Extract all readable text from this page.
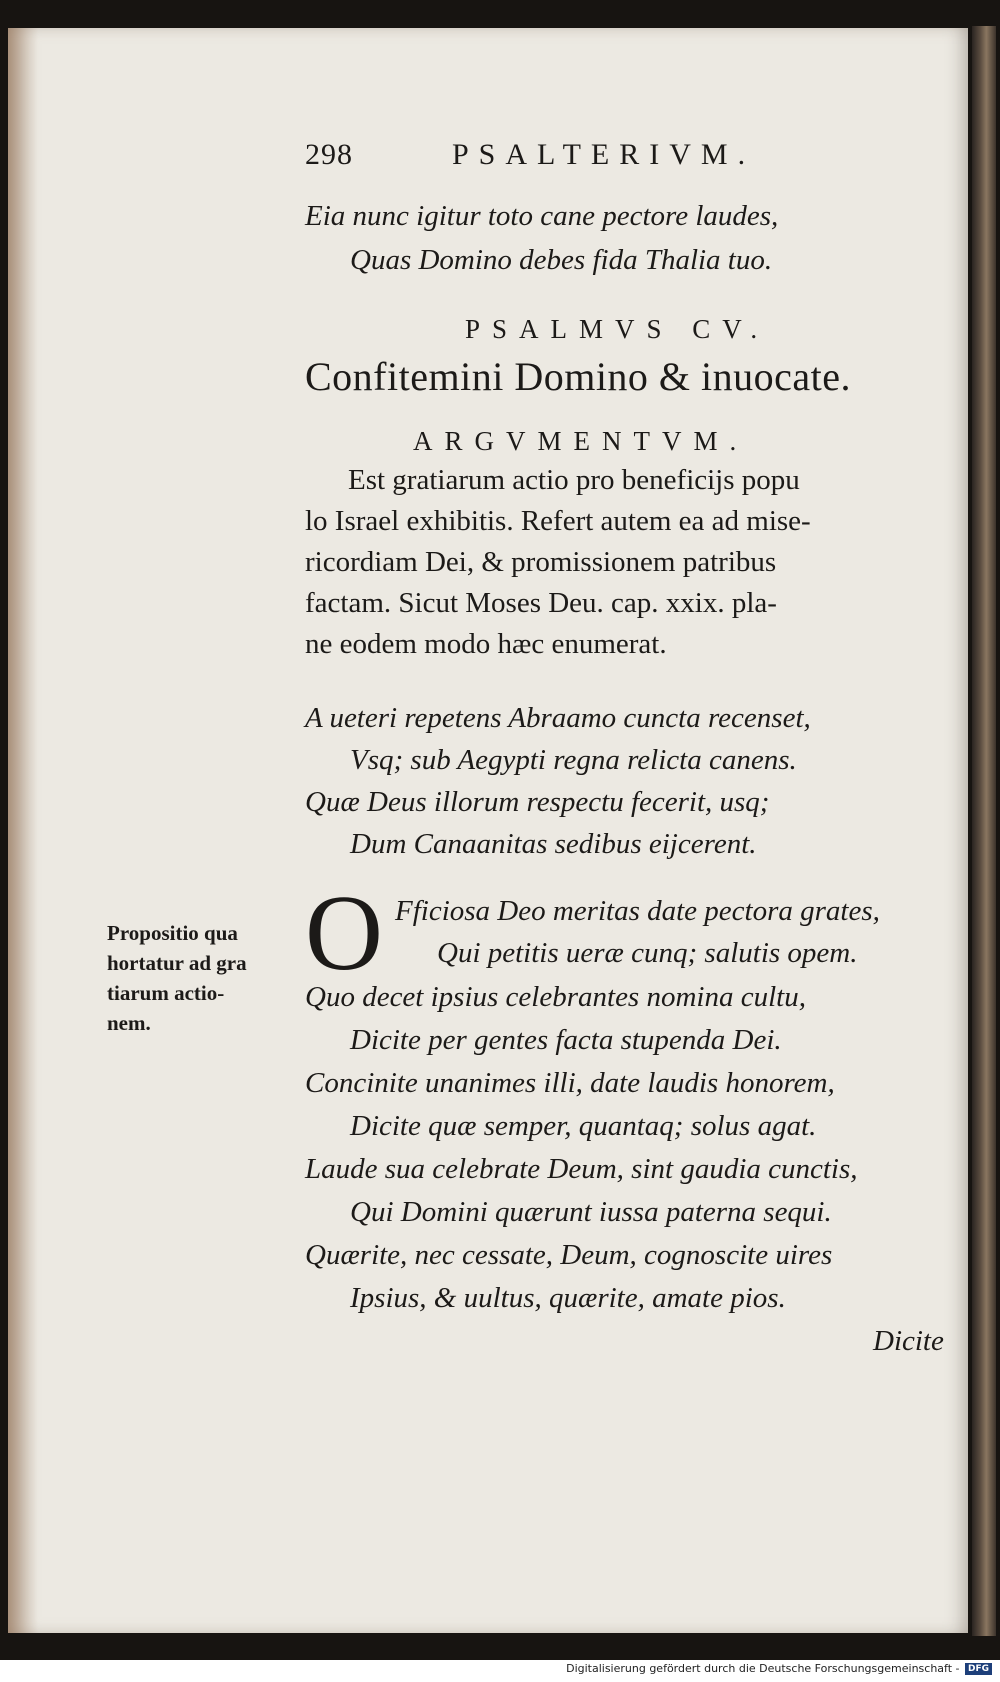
298	PSALTERIVM.
Eia nunc igitur toto cane pectore laudes,
Quas Domino debes fida Thalia tuo.
PSALMVS CV.
Confitemini Domino & inuocate.
ARGVMENTVM.
Est gratiarum actio pro beneficijs popu
lo Israel exhibitis. Refert autem ea ad mise-
ricordiam Dei, & promissionem patribus
factam. Sicut Moses Deu. cap. xxix. pla-
ne eodem modo hæc enumerat.
A ueteri repetens Abraamo cuncta recenset,
Vsq; sub Aegypti regna relicta canens.
Quæ Deus illorum respectu fecerit, usq;
Dum Canaanitas sedibus eijcerent.
Propositio qua
hortatur ad gra
tiarum actio-
nem.
O Fficiosa Deo meritas date pectora grates,
Qui petitis ueræ cunq; salutis opem.
Quo decet ipsius celebrantes nomina cultu,
Dicite per gentes facta stupenda Dei.
Concinite unanimes illi, date laudis honorem,
Dicite quæ semper, quantaq; solus agat.
Laude sua celebrate Deum, sint gaudia cunctis,
Qui Domini quærunt iussa paterna sequi.
Quærite, nec cessate, Deum, cognoscite uires
Ipsius, & uultus, quærite, amate pios.
Dicite
Digitalisierung gefördert durch die Deutsche Forschungsgemeinschaft - DFG
